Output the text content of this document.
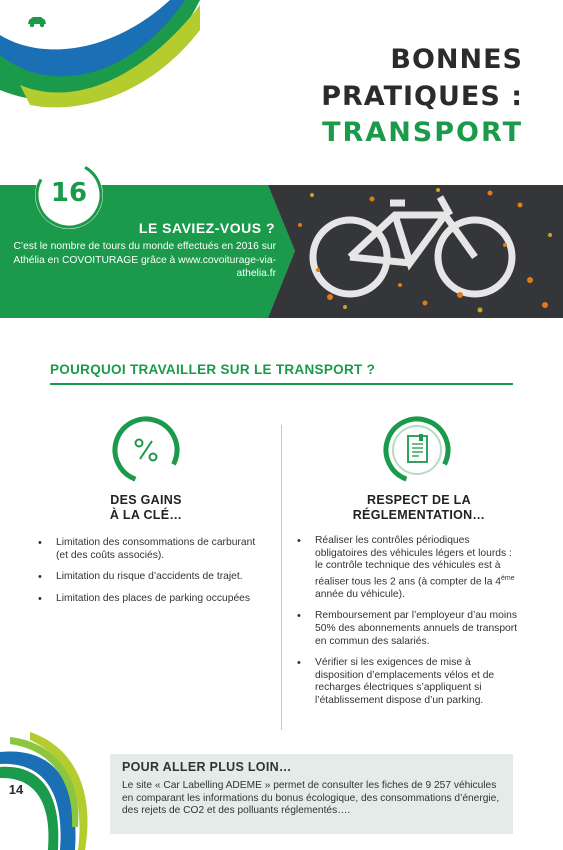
BONNES
PRATIQUES :
TRANSPORT
16
LE SAVIEZ-VOUS ?
C’est le nombre de tours du monde effectués en 2016 sur Athélia en COVOITURAGE grâce à www.covoiturage-via-athelia.fr
POURQUOI TRAVAILLER SUR LE TRANSPORT ?
DES GAINS
À LA CLÉ…
• Limitation des consommations de carburant (et des coûts associés).
• Limitation du risque d’accidents de trajet.
• Limitation des places de parking occupées
RESPECT DE LA
RÉGLEMENTATION…
• Réaliser les contrôles périodiques obligatoires des véhicules légers et lourds : le contrôle technique des véhicules est à réaliser tous les 2 ans (à compter de la 4ème année du véhicule).
• Remboursement par l’employeur d’au moins 50% des abonnements annuels de transport en commun des salariés.
• Vérifier si les exigences de mise à disposition d’emplacements vélos et de recharges électriques s’appliquent si l’établissement dispose d’un parking.
14
POUR ALLER PLUS LOIN…
Le site « Car Labelling ADEME » permet de consulter les fiches de 9 257 véhicules en comparant les informations du bonus écologique, des consommations d’énergie, des rejets de CO2 et des polluants réglementés….
